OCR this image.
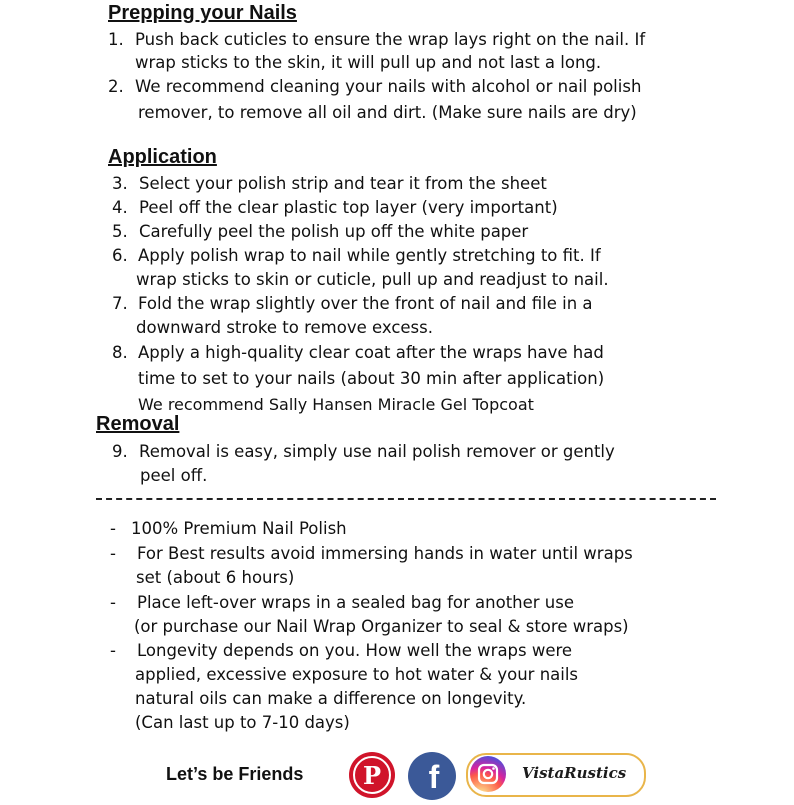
Prepping your Nails
1. Push back cuticles to ensure the wrap lays right on the nail. If
wrap sticks to the skin, it will pull up and not last a long.
2. We recommend cleaning your nails with alcohol or nail polish
remover, to remove all oil and dirt. (Make sure nails are dry)
Application
3. Select your polish strip and tear it from the sheet
4. Peel off the clear plastic top layer (very important)
5. Carefully peel the polish up off the white paper
6. Apply polish wrap to nail while gently stretching to fit. If
wrap sticks to skin or cuticle, pull up and readjust to nail.
7. Fold the wrap slightly over the front of nail and file in a
downward stroke to remove excess.
8. Apply a high-quality clear coat after the wraps have had
time to set to your nails (about 30 min after application)
We recommend Sally Hansen Miracle Gel Topcoat
Removal
9. Removal is easy, simply use nail polish remover or gently
peel off.
- 100% Premium Nail Polish
- For Best results avoid immersing hands in water until wraps
set (about 6 hours)
- Place left-over wraps in a sealed bag for another use
(or purchase our Nail Wrap Organizer to seal & store wraps)
- Longevity depends on you. How well the wraps were
applied, excessive exposure to hot water & your nails
natural oils can make a difference on longevity.
(Can last up to 7-10 days)
Let’s be Friends P f	VistaRustics
